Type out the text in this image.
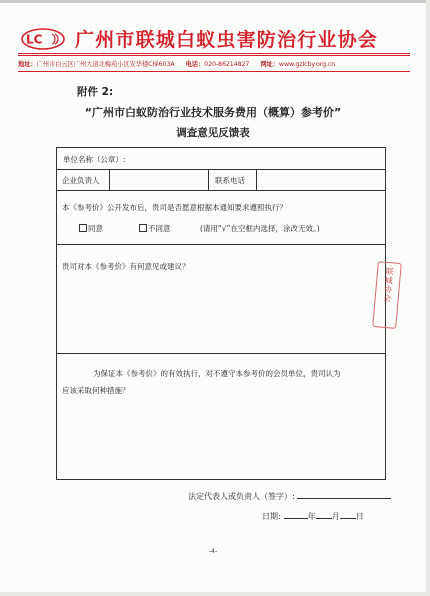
LC 广州市联城白蚁虫害防治行业协会
地址：广州市白云区广州大道北梅苑小区安华楼C梯603A 电话：020-86214827 网址：www.gzlcby.org.cn
附件 2:
“广州市白蚁防治行业技术服务费用（概算）参考价”
调查意见反馈表
单位名称（公章）:
企业负责人	联系电话
本《参考价》公开发布后，贵司是否愿意根据本通知要求遵照执行？
同意	不同意	(请用“√”在空框内选择，涂改无效。)
贵司对本《参考价》有何意见或建议？
为保证本《参考价》的有效执行，对不遵守本参考价的会员单位，贵司认为
应该采取何种措施？
联城协会
法定代表人或负责人（签字）:
日期:	年 月 日
-4-
